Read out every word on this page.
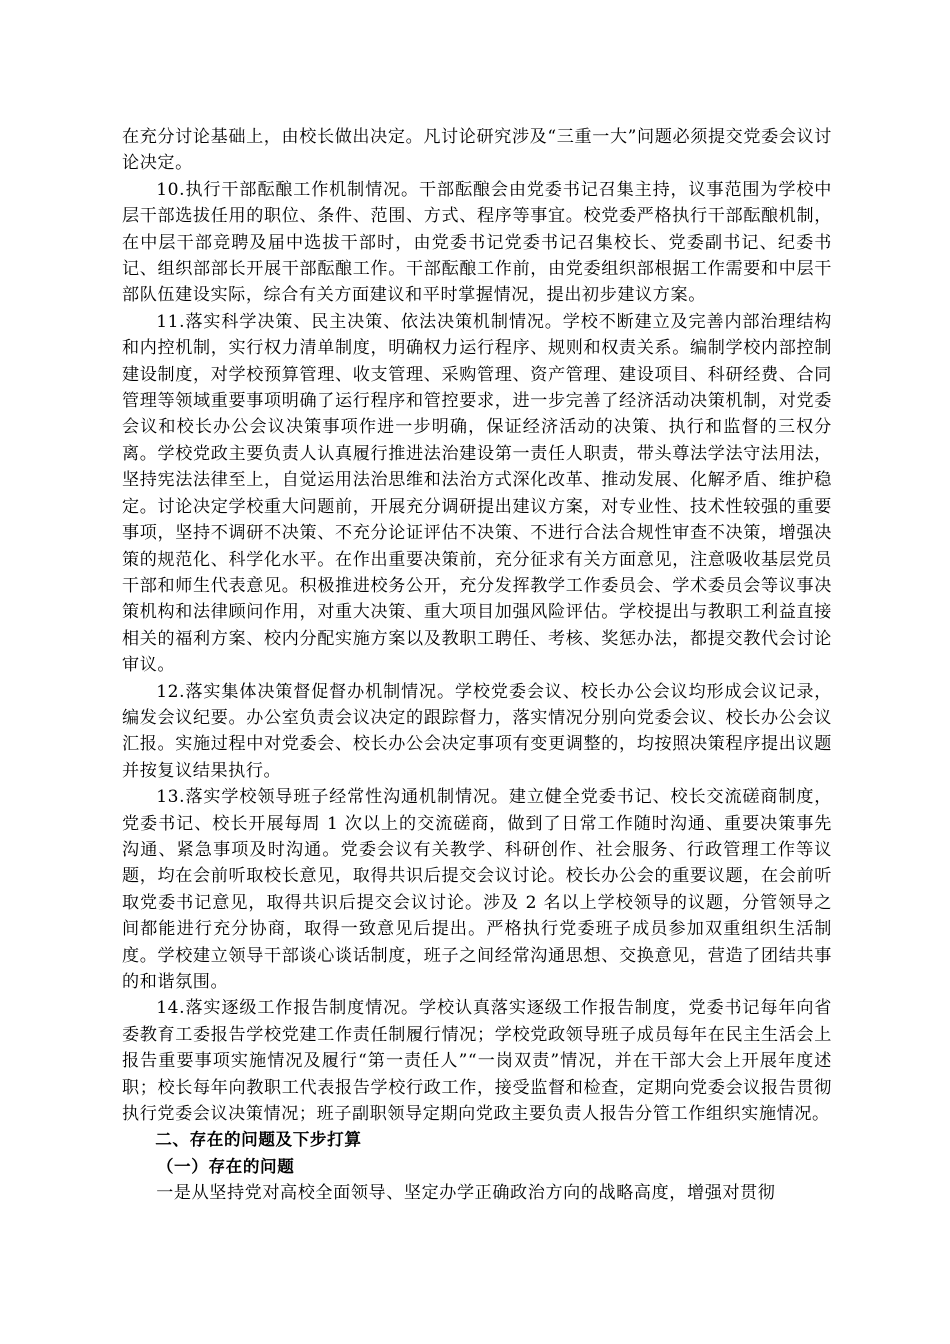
在充分讨论基础上，由校长做出决定。凡讨论研究涉及“三重一大”问题必须提交党委会议讨论决定。

10.执行干部酝酿工作机制情况。干部酝酿会由党委书记召集主持，议事范围为学校中层干部选拔任用的职位、条件、范围、方式、程序等事宜。校党委严格执行干部酝酿机制，在中层干部竞聘及届中选拔干部时，由党委书记党委书记召集校长、党委副书记、纪委书记、组织部部长开展干部酝酿工作。干部酝酿工作前，由党委组织部根据工作需要和中层干部队伍建设实际，综合有关方面建议和平时掌握情况，提出初步建议方案。

11.落实科学决策、民主决策、依法决策机制情况。学校不断建立及完善内部治理结构和内控机制，实行权力清单制度，明确权力运行程序、规则和权责关系。编制学校内部控制建设制度，对学校预算管理、收支管理、采购管理、资产管理、建设项目、科研经费、合同管理等领域重要事项明确了运行程序和管控要求，进一步完善了经济活动决策机制，对党委会议和校长办公会议决策事项作进一步明确，保证经济活动的决策、执行和监督的三权分离。学校党政主要负责人认真履行推进法治建设第一责任人职责，带头尊法学法守法用法，坚持宪法法律至上，自觉运用法治思维和法治方式深化改革、推动发展、化解矛盾、维护稳定。讨论决定学校重大问题前，开展充分调研提出建议方案，对专业性、技术性较强的重要事项，坚持不调研不决策、不充分论证评估不决策、不进行合法合规性审查不决策，增强决策的规范化、科学化水平。在作出重要决策前，充分征求有关方面意见，注意吸收基层党员干部和师生代表意见。积极推进校务公开，充分发挥教学工作委员会、学术委员会等议事决策机构和法律顾问作用，对重大决策、重大项目加强风险评估。学校提出与教职工利益直接相关的福利方案、校内分配实施方案以及教职工聘任、考核、奖惩办法，都提交教代会讨论审议。

12.落实集体决策督促督办机制情况。学校党委会议、校长办公会议均形成会议记录，编发会议纪要。办公室负责会议决定的跟踪督力，落实情况分别向党委会议、校长办公会议汇报。实施过程中对党委会、校长办公会决定事项有变更调整的，均按照决策程序提出议题并按复议结果执行。

13.落实学校领导班子经常性沟通机制情况。建立健全党委书记、校长交流磋商制度，党委书记、校长开展每周 1 次以上的交流磋商，做到了日常工作随时沟通、重要决策事先沟通、紧急事项及时沟通。党委会议有关教学、科研创作、社会服务、行政管理工作等议题，均在会前听取校长意见，取得共识后提交会议讨论。校长办公会的重要议题，在会前听取党委书记意见，取得共识后提交会议讨论。涉及 2 名以上学校领导的议题，分管领导之间都能进行充分协商，取得一致意见后提出。严格执行党委班子成员参加双重组织生活制度。学校建立领导干部谈心谈话制度，班子之间经常沟通思想、交换意见，营造了团结共事的和谐氛围。

14.落实逐级工作报告制度情况。学校认真落实逐级工作报告制度，党委书记每年向省委教育工委报告学校党建工作责任制履行情况；学校党政领导班子成员每年在民主生活会上报告重要事项实施情况及履行“第一责任人”“一岗双责”情况，并在干部大会上开展年度述职；校长每年向教职工代表报告学校行政工作，接受监督和检查，定期向党委会议报告贯彻执行党委会议决策情况；班子副职领导定期向党政主要负责人报告分管工作组织实施情况。

二、存在的问题及下步打算

（一）存在的问题

一是从坚持党对高校全面领导、坚定办学正确政治方向的战略高度，增强对贯彻
